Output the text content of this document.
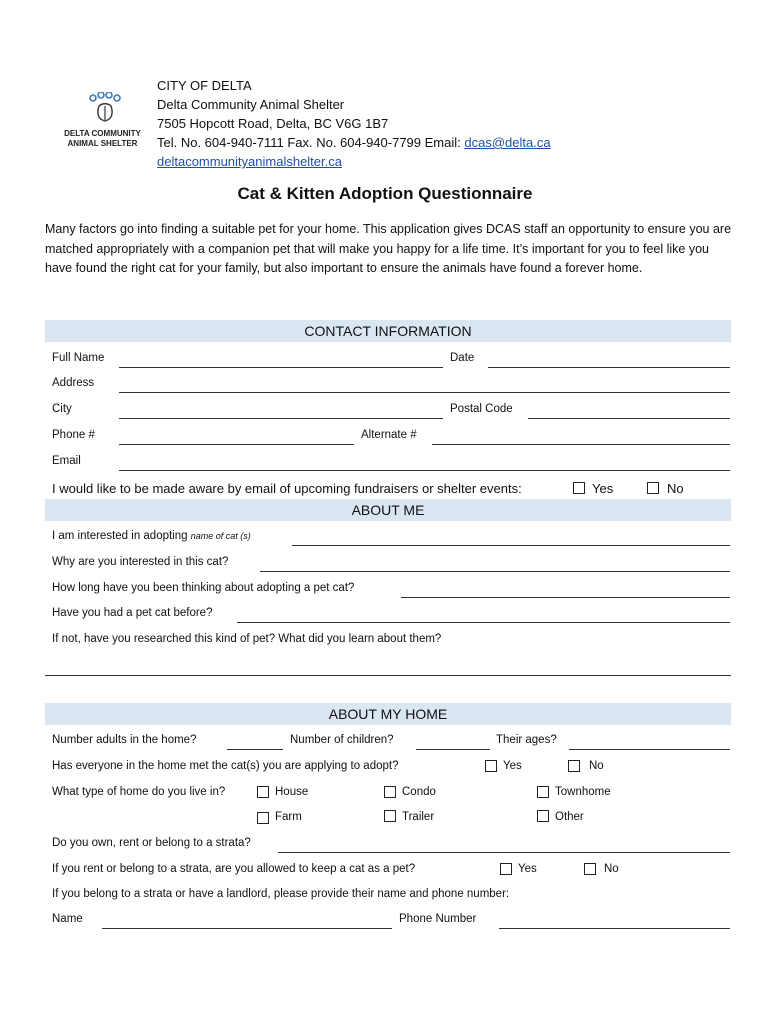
DELTA COMMUNITY
ANIMAL SHELTER
CITY OF DELTA
Delta Community Animal Shelter
7505 Hopcott Road, Delta, BC V6G 1B7
Tel. No. 604-940-7111 Fax. No. 604-940-7799 Email: dcas@delta.ca
deltacommunityanimalshelter.ca
Cat & Kitten Adoption Questionnaire
Many factors go into finding a suitable pet for your home. This application gives DCAS staff an opportunity to ensure you are matched appropriately with a companion pet that will make you happy for a life time. It’s important for you to feel like you have found the right cat for your family, but also important to ensure the animals have found a forever home.
CONTACT INFORMATION
Full Name	Date
Address
City	Postal Code
Phone #	Alternate #
Email
I would like to be made aware by email of upcoming fundraisers or shelter events:	Yes	No
ABOUT ME
I am interested in adopting name of cat (s)
Why are you interested in this cat?
How long have you been thinking about adopting a pet cat?
Have you had a pet cat before?
If not, have you researched this kind of pet? What did you learn about them?
ABOUT MY HOME
Number adults in the home?	Number of children?	Their ages?
Has everyone in the home met the cat(s) you are applying to adopt?	Yes	No
What type of home do you live in?	House	Condo	Townhome
Farm	Trailer	Other
Do you own, rent or belong to a strata?
If you rent or belong to a strata, are you allowed to keep a cat as a pet?	Yes	No
If you belong to a strata or have a landlord, please provide their name and phone number:
Name	Phone Number
